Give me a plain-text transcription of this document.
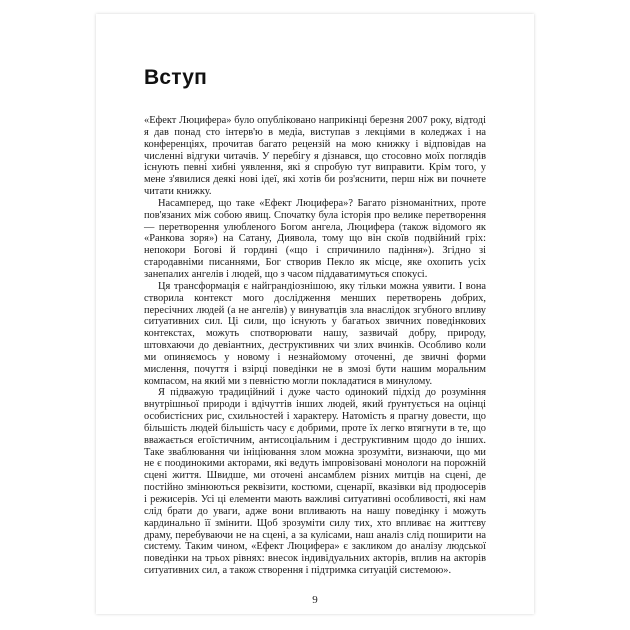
Вступ

«Ефект Люцифера» було опубліковано наприкінці березня 2007 року, відтоді я дав понад сто інтерв'ю в медіа, виступав з лекціями в коледжах і на конференціях, прочитав багато рецензій на мою книжку і відповідав на численні відгуки читачів. У перебігу я дізнався, що стосовно моїх поглядів існують певні хибні уявлення, які я спробую тут виправити. Крім того, у мене з'явилися деякі нові ідеї, які хотів би роз'яснити, перш ніж ви почнете читати книжку.

Насамперед, що таке «Ефект Люцифера»? Багато різноманітних, проте пов'язаних між собою явищ. Спочатку була історія про велике перетворення — перетворення улюбленого Богом ангела, Люцифера (також відомого як «Ранкова зоря») на Сатану, Диявола, тому що він скоїв подвійний гріх: непокори Богові й гордині («що і спричинило падіння»). Згідно зі стародавніми писаннями, Бог створив Пекло як місце, яке охопить усіх занепалих ангелів і людей, що з часом піддаватимуться спокусі.

Ця трансформація є найграндіознішою, яку тільки можна уявити. І вона створила контекст мого дослідження менших перетворень добрих, пересічних людей (а не ангелів) у винуватців зла внаслідок згубного впливу ситуативних сил. Ці сили, що існують у багатьох звичних поведінкових контекстах, можуть спотворювати нашу, зазвичай добру, природу, штовхаючи до девіантних, деструктивних чи злих вчинків. Особливо коли ми опиняємось у новому і незнайомому оточенні, де звичні форми мислення, почуття і взірці поведінки не в змозі бути нашим моральним компасом, на який ми з певністю могли покладатися в минулому.

Я підважую традиційний і дуже часто одинокий підхід до розуміння внутрішньої природи і вдічуттів інших людей, який ґрунтується на оцінці особистісних рис, схильностей і характеру. Натомість я прагну довести, що більшість людей більшість часу є добрими, проте їх легко втягнути в те, що вважається егоїстичним, антисоціальним і деструктивним щодо до інших. Таке зваблювання чи ініціювання злом можна зрозуміти, визнаючи, що ми не є поодинокими акторами, які ведуть імпровізовані монологи на порожній сцені життя. Швидше, ми оточені ансамблем різних митців на сцені, де постійно змінюються реквізити, костюми, сценарії, вказівки від продюсерів і режисерів. Усі ці елементи мають важливі ситуативні особливості, які нам слід брати до уваги, адже вони впливають на нашу поведінку і можуть кардинально її змінити. Щоб зрозуміти силу тих, хто впливає на життєву драму, перебуваючи не на сцені, а за кулісами, наш аналіз слід поширити на систему. Таким чином, «Ефект Люцифера» є закликом до аналізу людської поведінки на трьох рівнях: внесок індивідуальних акторів, вплив на акторів ситуативних сил, а також створення і підтримка ситуацій системою».

9
